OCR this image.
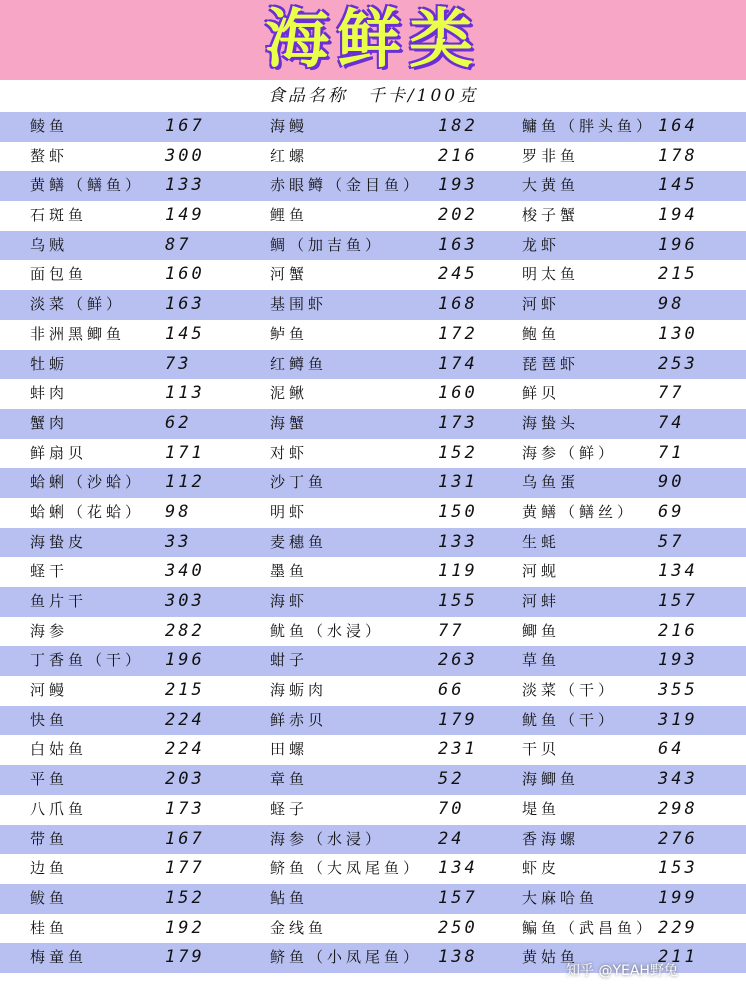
海鲜类
食品名称　千卡/100克
鲮鱼	167	海鳗	182	鳙鱼（胖头鱼） 164
螯虾	300	红螺	216	罗非鱼	178
黄鳝（鳝鱼） 133	赤眼鳟（金目鱼） 193	大黄鱼	145
石斑鱼	149	鲤鱼	202	梭子蟹	194
乌贼	87	鲷（加吉鱼）	163	龙虾	196
面包鱼	160	河蟹	245	明太鱼	215
淡菜（鲜） 163	基围虾	168	河虾	98
非洲黑鲫鱼 145	鲈鱼	172	鲍鱼	130
牡蛎	73	红鳟鱼	174	琵琶虾	253
蚌肉	113	泥鳅	160	鲜贝	77
蟹肉	62	海蟹	173	海蛰头	74
鲜扇贝	171	对虾	152	海参（鲜） 71
蛤蜊（沙蛤） 112	沙丁鱼	131	乌鱼蛋	90
蛤蜊（花蛤） 98	明虾	150	黄鳝（鳝丝） 69
海蛰皮	33	麦穗鱼	133	生蚝	57
蛏干	340	墨鱼	119	河蚬	134
鱼片干	303	海虾	155	河蚌	157
海参	282	鱿鱼（水浸）	77	鲫鱼	216
丁香鱼（干） 196	蚶子	263	草鱼	193
河鳗	215	海蛎肉	66	淡菜（干） 355
快鱼	224	鲜赤贝	179	鱿鱼（干） 319
白姑鱼	224	田螺	231	干贝	64
平鱼	203	章鱼	52	海鲫鱼	343
八爪鱼	173	蛏子	70	堤鱼	298
带鱼	167	海参（水浸）	24	香海螺	276
边鱼	177	鲚鱼（大凤尾鱼） 134	虾皮	153
鲅鱼	152	鲇鱼	157	大麻哈鱼	199
桂鱼	192	金线鱼	250	鳊鱼（武昌鱼） 229
梅童鱼	179	鲚鱼（小凤尾鱼） 138	黄姑鱼	211
知乎 @YEAH野兔
